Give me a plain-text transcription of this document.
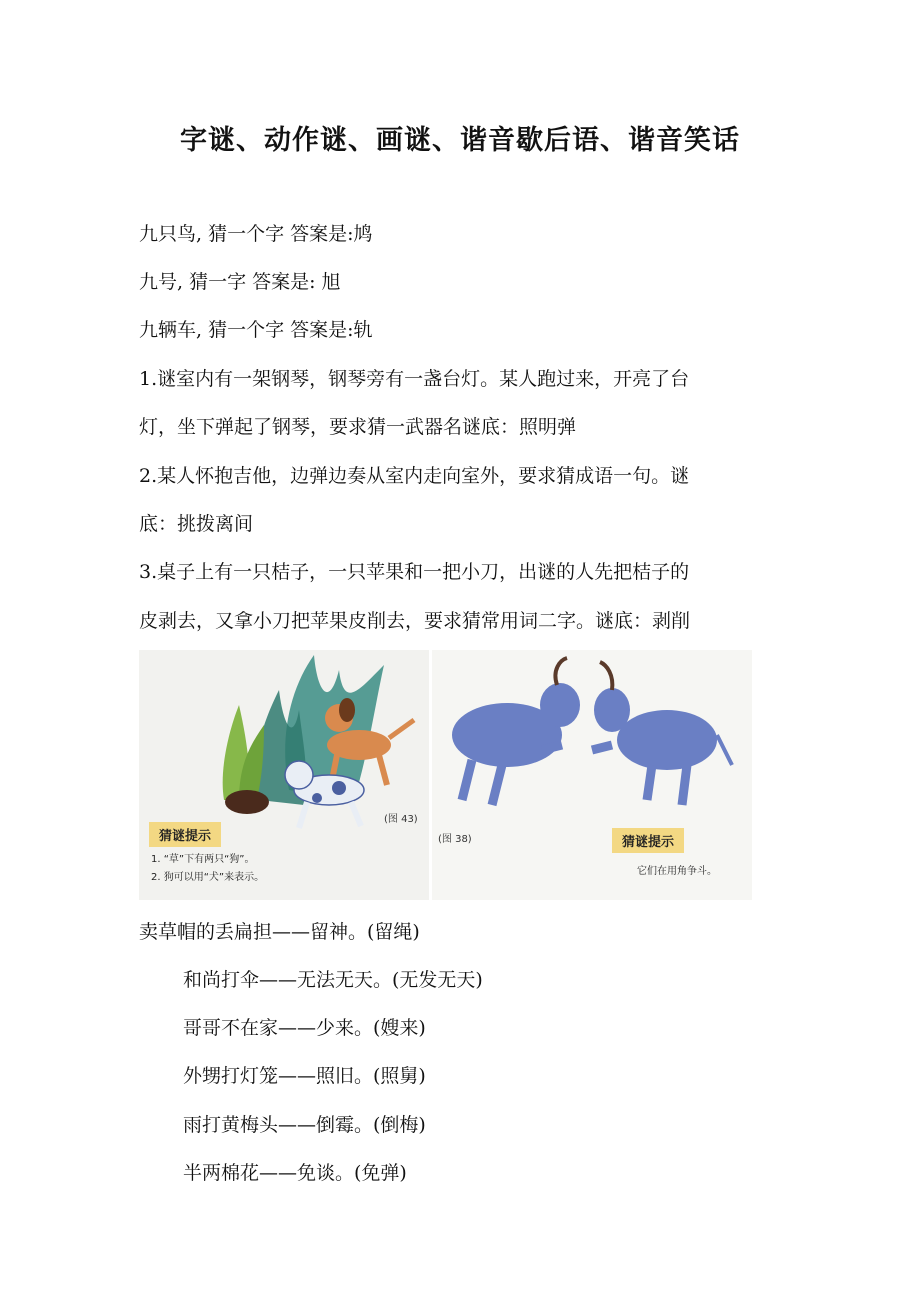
字谜、动作谜、画谜、谐音歇后语、谐音笑话
九只鸟, 猜一个字 答案是:鸠
九号, 猜一字 答案是: 旭
九辆车, 猜一个字 答案是:轨
1.谜室内有一架钢琴，钢琴旁有一盏台灯。某人跑过来，开亮了台
灯，坐下弹起了钢琴，要求猜一武器名谜底：照明弹
2.某人怀抱吉他，边弹边奏从室内走向室外，要求猜成语一句。谜
底：挑拨离间
3.桌子上有一只桔子，一只苹果和一把小刀，出谜的人先把桔子的
皮剥去，又拿小刀把苹果皮削去，要求猜常用词二字。谜底：剥削
(图 43)
猜谜提示
1. “草”下有两只“狗”。
2. 狗可以用“犬”来表示。
(图 38)	猜谜提示
它们在用角争斗。
卖草帽的丢扁担——留神。(留绳)
和尚打伞——无法无天。(无发无天)
哥哥不在家——少来。(嫂来)
外甥打灯笼——照旧。(照舅)
雨打黄梅头——倒霉。(倒梅)
半两棉花——免谈。(免弹)
